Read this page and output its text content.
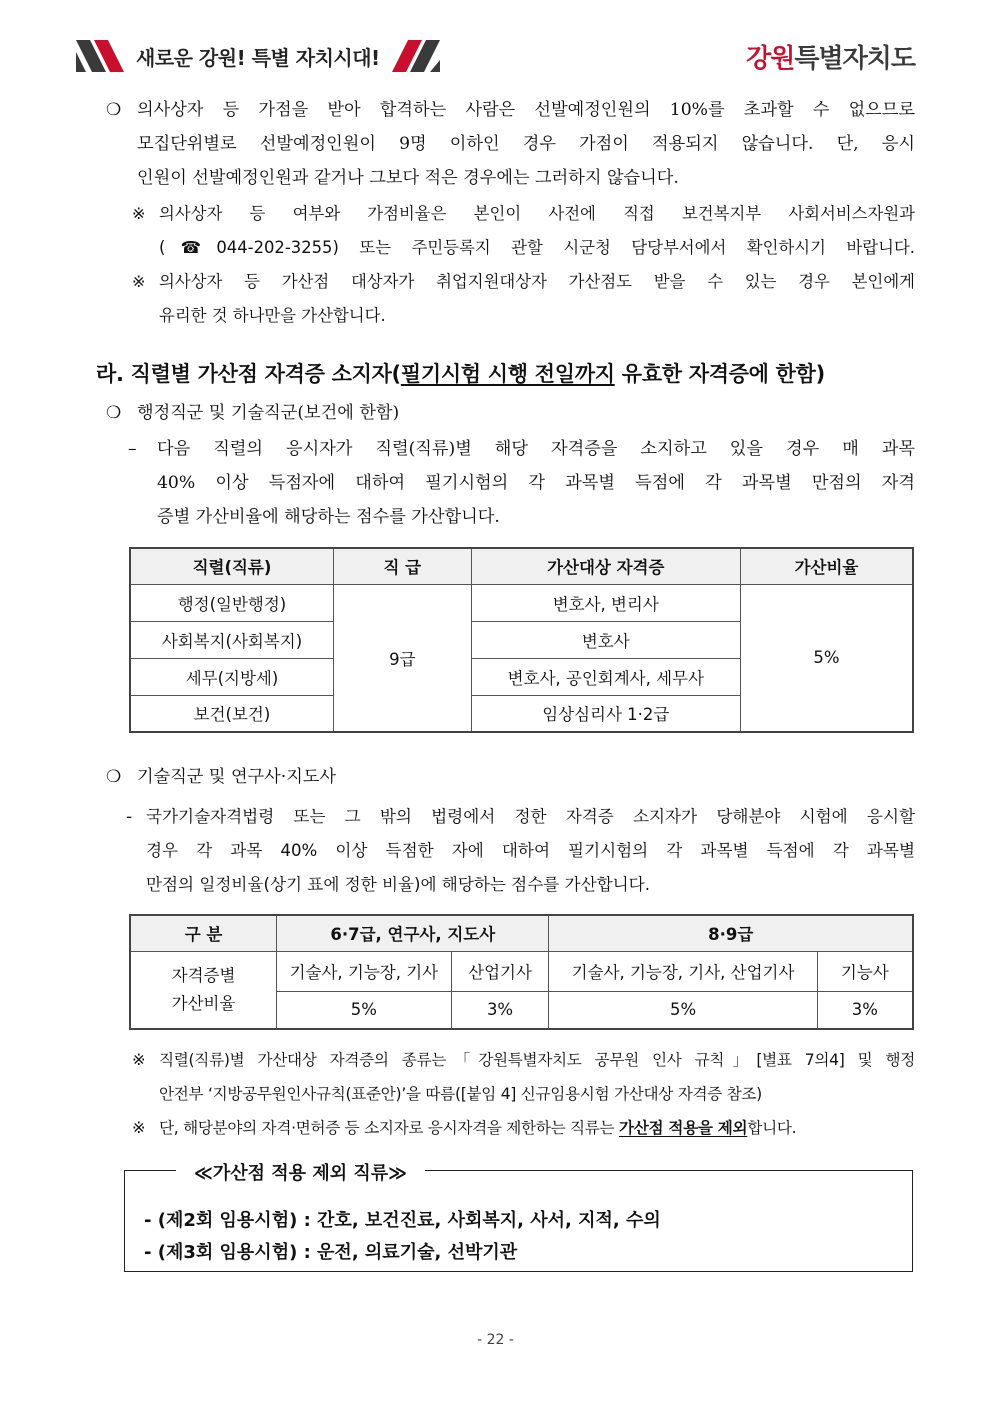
새로운 강원! 특별 자치시대!	강원특별자치도
❍ 의사상자 등 가점을 받아 합격하는 사람은 선발예정인원의 10%를 초과할 수 없으므로
모집단위별로 선발예정인원이 9명 이하인 경우 가점이 적용되지 않습니다. 단, 응시
인원이 선발예정인원과 같거나 그보다 적은 경우에는 그러하지 않습니다.
※ 의사상자 등 여부와 가점비율은 본인이 사전에 직접 보건복지부 사회서비스자원과
(☎044-202-3255) 또는 주민등록지 관할 시군청 담당부서에서 확인하시기 바랍니다.
※ 의사상자 등 가산점 대상자가 취업지원대상자 가산점도 받을 수 있는 경우 본인에게
유리한 것 하나만을 가산합니다.
라. 직렬별 가산점 자격증 소지자(필기시험 시행 전일까지 유효한 자격증에 한함)
❍ 행정직군 및 기술직군(보건에 한함)
– 다음 직렬의 응시자가 직렬(직류)별 해당 자격증을 소지하고 있을 경우 매 과목
40% 이상 득점자에 대하여 필기시험의 각 과목별 득점에 각 과목별 만점의 자격
증별 가산비율에 해당하는 점수를 가산합니다.
직렬(직류)	직 급	가산대상 자격증	가산비율
행정(일반행정)	9급	변호사, 변리사	5%
사회복지(사회복지)		변호사	
세무(지방세)		변호사, 공인회계사, 세무사	
보건(보건)		임상심리사 1·2급	
❍ 기술직군 및 연구사·지도사
- 국가기술자격법령 또는 그 밖의 법령에서 정한 자격증 소지자가 당해분야 시험에 응시할
경우 각 과목 40% 이상 득점한 자에 대하여 필기시험의 각 과목별 득점에 각 과목별
만점의 일정비율(상기 표에 정한 비율)에 해당하는 점수를 가산합니다.
구 분	6·7급, 연구사, 지도사		8·9급	
자격증별
가산비율	기술사, 기능장, 기사	산업기사	기술사, 기능장, 기사, 산업기사	기능사
	5%	3%	5%	3%
※ 직렬(직류)별 가산대상 자격증의 종류는「강원특별자치도 공무원 인사 규칙」[별표 7의4] 및 행정
안전부 ‘지방공무원인사규칙(표준안)’을 따름([붙임 4] 신규임용시험 가산대상 자격증 참조)
※ 단, 해당분야의 자격·면허증 등 소지자로 응시자격을 제한하는 직류는 가산점 적용을 제외합니다.
≪가산점 적용 제외 직류≫
- (제2회 임용시험) : 간호, 보건진료, 사회복지, 사서, 지적, 수의
- (제3회 임용시험) : 운전, 의료기술, 선박기관
- 22 -
